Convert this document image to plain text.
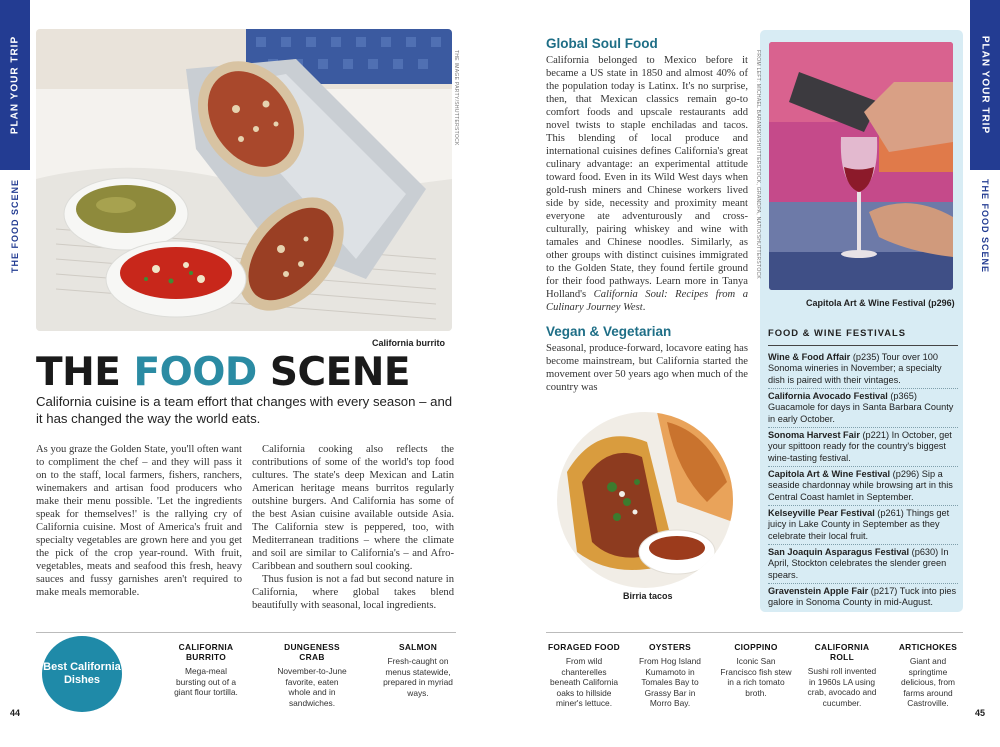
PLAN YOUR TRIP
THE FOOD SCENE
PLAN YOUR TRIP
THE FOOD SCENE
THE IMAGE PARTY/SHUTTERSTOCK
California burrito
THE FOOD SCENE

California cuisine is a team effort that changes with every season – and it has changed the way the world eats.

As you graze the Golden State, you'll often want to compliment the chef – and they will pass it on to the staff, local farmers, fishers, ranchers, winemakers and artisan food producers who make their menu possible. 'Let the ingredients speak for themselves!' is the rallying cry of California cuisine. Most of America's fruit and specialty vegetables are grown here and you get the pick of the crop year-round. With fruit, vegetables, meats and seafood this fresh, heavy sauces and fussy garnishes aren't required to make meals memorable.

California cooking also reflects the contributions of some of the world's top food cultures. The state's deep Mexican and Latin American heritage means burritos regularly outshine burgers. And California has some of the best Asian cuisine available outside Asia. The California stew is peppered, too, with Mediterranean traditions – where the climate and soil are similar to California's – and Afro-Caribbean and southern soul cooking.

Thus fusion is not a fad but second nature in California, where global takes blend beautifully with seasonal, local ingredients.

Global Soul Food

California belonged to Mexico before it became a US state in 1850 and almost 40% of the population today is Latinx. It's no surprise, then, that Mexican classics remain go-to comfort foods and upscale restaurants add novel twists to staple enchiladas and tacos. This blending of local produce and international cuisines defines California's great culinary advantage: an experimental attitude toward food. Even in its Wild West days when gold-rush miners and Chinese workers lived side by side, necessity and proximity meant everyone ate adventurously and cross-culturally, pairing whiskey and wine with tamales and Chinese noodles. Similarly, as other groups with distinct cuisines immigrated to the Golden State, they found fertile ground for their food pathways. Learn more in Tanya Holland's California Soul: Recipes from a Culinary Journey West.

Vegan & Vegetarian

Seasonal, produce-forward, locavore eating has become mainstream, but California started the movement over 50 years ago when much of the country was

Birria tacos
FROM LEFT: MICHAEL BARANSKI/SHUTTERSTOCK, GRANDPA, NATIO/SHUTTERSTOCK
Capitola Art & Wine Festival (p296)
FOOD & WINE FESTIVALS
Wine & Food Affair (p235) Tour over 100 Sonoma wineries in November; a specialty dish is paired with their vintages.
California Avocado Festival (p365) Guacamole for days in Santa Barbara County in early October.
Sonoma Harvest Fair (p221) In October, get your spittoon ready for the country's biggest wine-tasting festival.
Capitola Art & Wine Festival (p296) Sip a seaside chardonnay while browsing art in this Central Coast hamlet in September.
Kelseyville Pear Festival (p261) Things get juicy in Lake County in September as they celebrate their local fruit.
San Joaquin Asparagus Festival (p630) In April, Stockton celebrates the slender green spears.
Gravenstein Apple Fair (p217) Tuck into pies galore in Sonoma County in mid-August.
Best California Dishes
CALIFORNIA BURRITO
Mega-meal bursting out of a giant flour tortilla.
DUNGENESS CRAB
November-to-June favorite, eaten whole and in sandwiches.
SALMON
Fresh-caught on menus statewide, prepared in myriad ways.
FORAGED FOOD
From wild chanterelles beneath California oaks to hillside miner's lettuce.
OYSTERS
From Hog Island Kumamoto in Tomales Bay to Grassy Bar in Morro Bay.
CIOPPINO
Iconic San Francisco fish stew in a rich tomato broth.
CALIFORNIA ROLL
Sushi roll invented in 1960s LA using crab, avocado and cucumber.
ARTICHOKES
Giant and springtime delicious, from farms around Castroville.
44	45
